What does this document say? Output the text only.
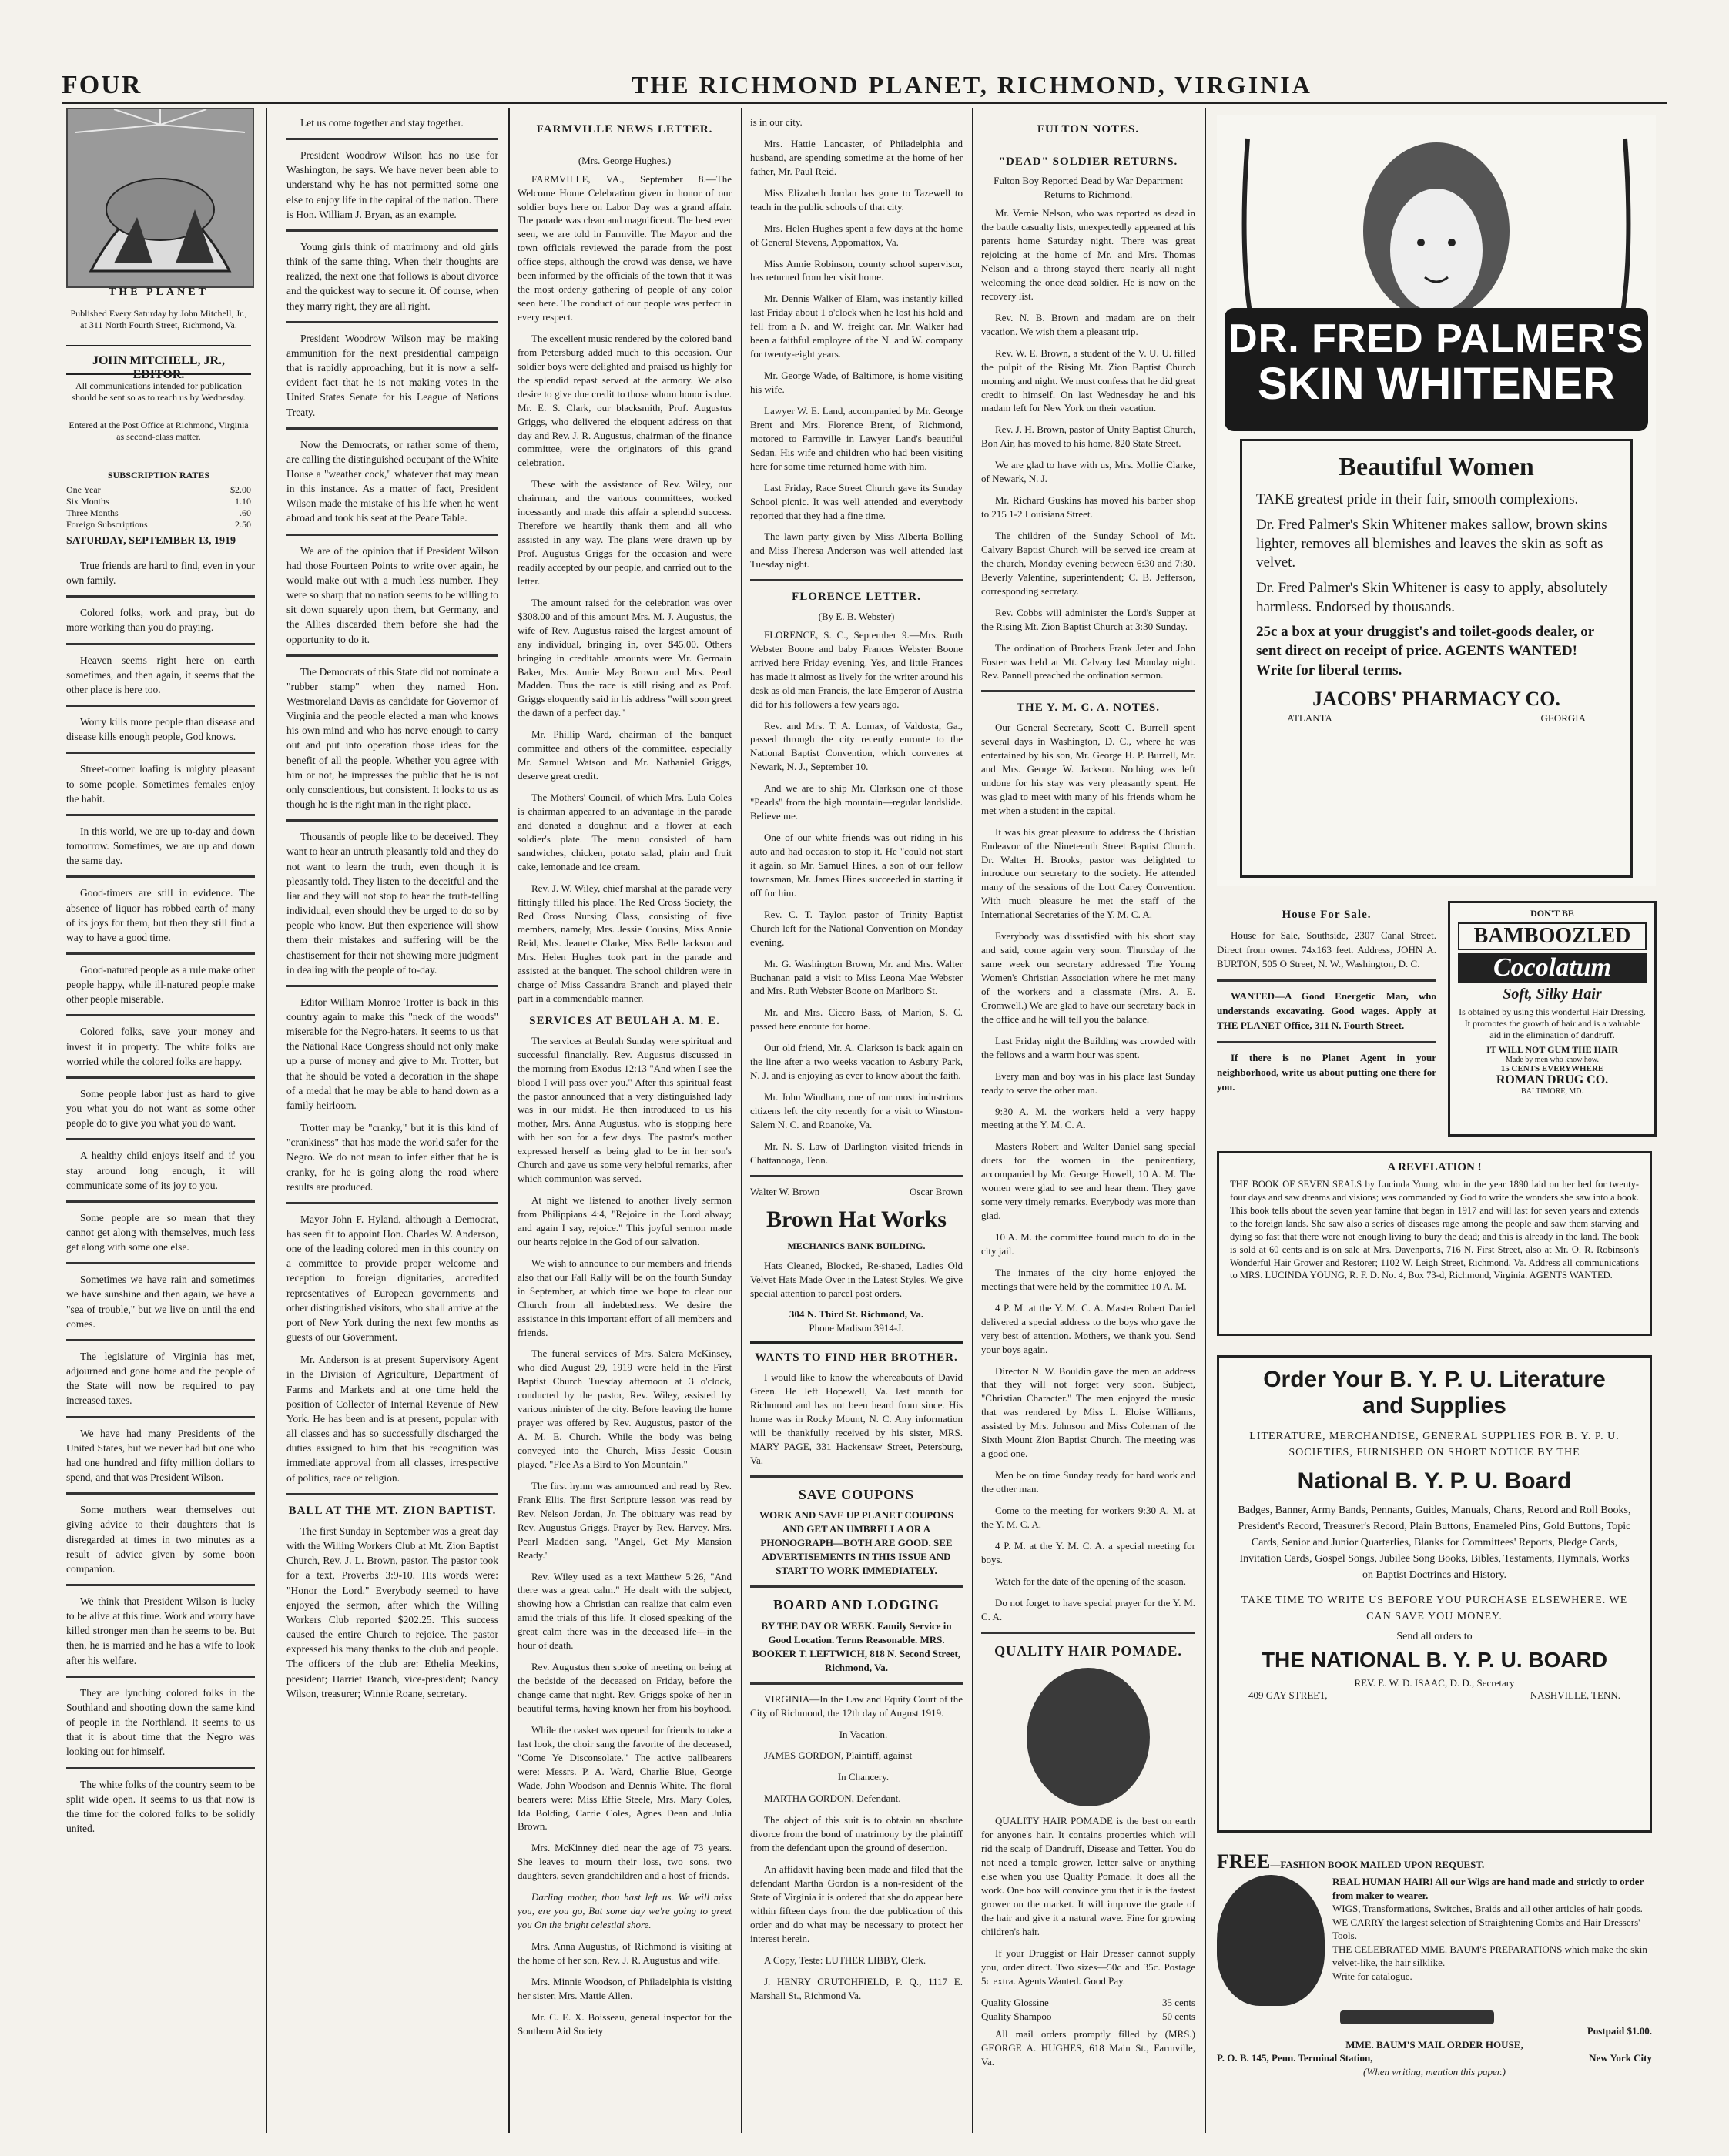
FOUR	THE RICHMOND PLANET, RICHMOND, VIRGINIA
THE PLANET
Published Every Saturday by John Mitchell, Jr., at 311 North Fourth Street, Richmond, Va.
JOHN MITCHELL, JR.,
All communications intended for publication should be sent so as to reach us by Wednesday.
Entered at the Post Office at Richmond, Virginia as second-class matter.
SUBSCRIPTION RATES
One Year	$2.00
Six Months	1.10
Three Months	.60
Foreign Subscriptions	2.50
SATURDAY, SEPTEMBER 13, 1919

True friends are hard to find, even in your own family.

Colored folks, work and pray, but do more working than you do praying.

Heaven seems right here on earth sometimes, and then again, it seems that the other place is here too.

Worry kills more people than disease and disease kills enough people, God knows.

Street-corner loafing is mighty pleasant to some people. Sometimes females enjoy the habit.

In this world, we are up to-day and down tomorrow. Sometimes, we are up and down the same day.

Good-timers are still in evidence. The absence of liquor has robbed earth of many of its joys for them, but then they still find a way to have a good time.

Good-natured people as a rule make other people happy, while ill-natured people make other people miserable.

Colored folks, save your money and invest it in property. The white folks are worried while the colored folks are happy.

Some people labor just as hard to give you what you do not want as some other people do to give you what you do want.

A healthy child enjoys itself and if you stay around long enough, it will communicate some of its joy to you.

Some people are so mean that they cannot get along with themselves, much less get along with some one else.

Sometimes we have rain and sometimes we have sunshine and then again, we have a "sea of trouble," but we live on until the end comes.

The legislature of Virginia has met, adjourned and gone home and the people of the State will now be required to pay increased taxes.

We have had many Presidents of the United States, but we never had but one who had one hundred and fifty million dollars to spend, and that was President Wilson.

Some mothers wear themselves out giving advice to their daughters that is disregarded at times in two minutes as a result of advice given by some boon companion.

We think that President Wilson is lucky to be alive at this time. Work and worry have killed stronger men than he seems to be. But then, he is married and he has a wife to look after his welfare.

They are lynching colored folks in the Southland and shooting down the same kind of people in the Northland. It seems to us that it is about time that the Negro was looking out for himself.

The white folks of the country seem to be split wide open. It seems to us that now is the time for the colored folks to be solidly united.

Let us come together and stay together.

President Woodrow Wilson has no use for Washington, he says. We have never been able to understand why he has not permitted some one else to enjoy life in the capital of the nation. There is Hon. William J. Bryan, as an example.

Young girls think of matrimony and old girls think of the same thing. When their thoughts are realized, the next one that follows is about divorce and the quickest way to secure it. Of course, when they marry right, they are all right.

President Woodrow Wilson may be making ammunition for the next presidential campaign that is rapidly approaching, but it is now a self-evident fact that he is not making votes in the United States Senate for his League of Nations Treaty.

Now the Democrats, or rather some of them, are calling the distinguished occupant of the White House a "weather cock," whatever that may mean in this instance. As a matter of fact, President Wilson made the mistake of his life when he went abroad and took his seat at the Peace Table.

We are of the opinion that if President Wilson had those Fourteen Points to write over again, he would make out with a much less number. They were so sharp that no nation seems to be willing to sit down squarely upon them, but Germany, and the Allies discarded them before she had the opportunity to do it.

The Democrats of this State did not nominate a "rubber stamp" when they named Hon. Westmoreland Davis as candidate for Governor of Virginia and the people elected a man who knows his own mind and who has nerve enough to carry out and put into operation those ideas for the benefit of all the people. Whether you agree with him or not, he impresses the public that he is not only conscientious, but consistent. It looks to us as though he is the right man in the right place.

Thousands of people like to be deceived. They want to hear an untruth pleasantly told and they do not want to learn the truth, even though it is pleasantly told. They listen to the deceitful and the liar and they will not stop to hear the truth-telling individual, even should they be urged to do so by people who know. But then experience will show them their mistakes and suffering will be the chastisement for their not showing more judgment in dealing with the people of to-day.

Editor William Monroe Trotter is back in this country again to make this "neck of the woods" miserable for the Negro-haters. It seems to us that the National Race Congress should not only make up a purse of money and give to Mr. Trotter, but that he should be voted a decoration in the shape of a medal that he may be able to hand down as a family heirloom.

Trotter may be "cranky," but it is this kind of "crankiness" that has made the world safer for the Negro. We do not mean to infer either that he is cranky, for he is going along the road where results are produced.

Mayor John F. Hyland, although a Democrat, has seen fit to appoint Hon. Charles W. Anderson, one of the leading colored men in this country on a committee to provide proper welcome and reception to foreign dignitaries, accredited representatives of European governments and other distinguished visitors, who shall arrive at the port of New York during the next few months as guests of our Government.

Mr. Anderson is at present Supervisory Agent in the Division of Agriculture, Department of Farms and Markets and at one time held the position of Collector of Internal Revenue of New York. He has been and is at present, popular with all classes and has so successfully discharged the duties assigned to him that his recognition was immediate approval from all classes, irrespective of politics, race or religion.

BALL AT THE MT. ZION BAPTIST.

The first Sunday in September was a great day with the Willing Workers Club at Mt. Zion Baptist Church, Rev. J. L. Brown, pastor. The pastor took for a text, Proverbs 3:9-10. His words were: "Honor the Lord." Everybody seemed to have enjoyed the sermon, after which the Willing Workers Club reported $202.25. This success caused the entire Church to rejoice. The pastor expressed his many thanks to the club and people. The officers of the club are: Ethelia Meekins, president; Harriet Branch, vice-president; Nancy Wilson, treasurer; Winnie Roane, secretary.

FARMVILLE NEWS LETTER.
(Mrs. George Hughes.)

FARMVILLE, VA., September 8.—The Welcome Home Celebration given in honor of our soldier boys here on Labor Day was a grand affair. The parade was clean and magnificent. The best ever seen, we are told in Farmville. The Mayor and the town officials reviewed the parade from the post office steps, although the crowd was dense, we have been informed by the officials of the town that it was the most orderly gathering of people of any color seen here. The conduct of our people was perfect in every respect.

The excellent music rendered by the colored band from Petersburg added much to this occasion. Our soldier boys were delighted and praised us highly for the splendid repast served at the armory. We also desire to give due credit to those whom honor is due. Mr. E. S. Clark, our blacksmith, Prof. Augustus Griggs, who delivered the eloquent address on that day and Rev. J. R. Augustus, chairman of the finance committee, were the originators of this grand celebration.

These with the assistance of Rev. Wiley, our chairman, and the various committees, worked incessantly and made this affair a splendid success. Therefore we heartily thank them and all who assisted in any way. The plans were drawn up by Prof. Augustus Griggs for the occasion and were readily accepted by our people, and carried out to the letter.

The amount raised for the celebration was over $308.00 and of this amount Mrs. M. J. Augustus, the wife of Rev. Augustus raised the largest amount of any individual, bringing in, over $45.00. Others bringing in creditable amounts were Mr. Germain Baker, Mrs. Annie May Brown and Mrs. Pearl Madden. Thus the race is still rising and as Prof. Griggs eloquently said in his address "will soon greet the dawn of a perfect day."

Mr. Phillip Ward, chairman of the banquet committee and others of the committee, especially Mr. Samuel Watson and Mr. Nathaniel Griggs, deserve great credit.

The Mothers' Council, of which Mrs. Lula Coles is chairman appeared to an advantage in the parade and donated a doughnut and a flower at each soldier's plate. The menu consisted of ham sandwiches, chicken, potato salad, plain and fruit cake, lemonade and ice cream.

Rev. J. W. Wiley, chief marshal at the parade very fittingly filled his place. The Red Cross Society, the Red Cross Nursing Class, consisting of five members, namely, Mrs. Jessie Cousins, Miss Annie Reid, Mrs. Jeanette Clarke, Miss Belle Jackson and Mrs. Helen Hughes took part in the parade and assisted at the banquet. The school children were in charge of Miss Cassandra Branch and played their part in a commendable manner.

SERVICES AT BEULAH A. M. E.

The services at Beulah Sunday were spiritual and successful financially. Rev. Augustus discussed in the morning from Exodus 12:13 "And when I see the blood I will pass over you." After this spiritual feast the pastor announced that a very distinguished lady was in our midst. He then introduced to us his mother, Mrs. Anna Augustus, who is stopping here with her son for a few days. The pastor's mother expressed herself as being glad to be in her son's Church and gave us some very helpful remarks, after which communion was served.

At night we listened to another lively sermon from Philippians 4:4, "Rejoice in the Lord alway; and again I say, rejoice." This joyful sermon made our hearts rejoice in the God of our salvation.

We wish to announce to our members and friends also that our Fall Rally will be on the fourth Sunday in September, at which time we hope to clear our Church from all indebtedness. We desire the assistance in this important effort of all members and friends.

The funeral services of Mrs. Salera McKinsey, who died August 29, 1919 were held in the First Baptist Church Tuesday afternoon at 3 o'clock, conducted by the pastor, Rev. Wiley, assisted by various minister of the city. Before leaving the home prayer was offered by Rev. Augustus, pastor of the A. M. E. Church. While the body was being conveyed into the Church, Miss Jessie Cousin played, "Flee As a Bird to Yon Mountain."

The first hymn was announced and read by Rev. Frank Ellis. The first Scripture lesson was read by Rev. Nelson Jordan, Jr. The obituary was read by Rev. Augustus Griggs. Prayer by Rev. Harvey. Mrs. Pearl Madden sang, "Angel, Get My Mansion Ready."

Rev. Wiley used as a text Matthew 5:26, "And there was a great calm." He dealt with the subject, showing how a Christian can realize that calm even amid the trials of this life. It closed speaking of the great calm there was in the deceased life—in the hour of death.

Rev. Augustus then spoke of meeting on being at the bedside of the deceased on Friday, before the change came that night. Rev. Griggs spoke of her in beautiful terms, having known her from his boyhood.

While the casket was opened for friends to take a last look, the choir sang the favorite of the deceased, "Come Ye Disconsolate." The active pallbearers were: Messrs. P. A. Ward, Charlie Blue, George Wade, John Woodson and Dennis White. The floral bearers were: Miss Effie Steele, Mrs. Mary Coles, Ida Bolding, Carrie Coles, Agnes Dean and Julia Brown.

Mrs. McKinney died near the age of 73 years. She leaves to mourn their loss, two sons, two daughters, seven grandchildren and a host of friends.

Darling mother, thou hast left us. We will miss you, ere you go, But some day we're going to greet you On the bright celestial shore.

Mrs. Anna Augustus, of Richmond is visiting at the home of her son, Rev. J. R. Augustus and wife.

Mrs. Minnie Woodson, of Philadelphia is visiting her sister, Mrs. Mattie Allen.

Mr. C. E. X. Boisseau, general inspector for the Southern Aid Society

is in our city.

Mrs. Hattie Lancaster, of Philadelphia and husband, are spending sometime at the home of her father, Mr. Paul Reid.

Miss Elizabeth Jordan has gone to Tazewell to teach in the public schools of that city.

Mrs. Helen Hughes spent a few days at the home of General Stevens, Appomattox, Va.

Miss Annie Robinson, county school supervisor, has returned from her visit home.

Mr. Dennis Walker of Elam, was instantly killed last Friday about 1 o'clock when he lost his hold and fell from a N. and W. freight car. Mr. Walker had been a faithful employee of the N. and W. company for twenty-eight years.

Mr. George Wade, of Baltimore, is home visiting his wife.

Lawyer W. E. Land, accompanied by Mr. George Brent and Mrs. Florence Brent, of Richmond, motored to Farmville in Lawyer Land's beautiful Sedan. His wife and children who had been visiting here for some time returned home with him.

Last Friday, Race Street Church gave its Sunday School picnic. It was well attended and everybody reported that they had a fine time.

The lawn party given by Miss Alberta Bolling and Miss Theresa Anderson was well attended last Tuesday night.

FLORENCE LETTER.
(By E. B. Webster)

FLORENCE, S. C., September 9.—Mrs. Ruth Webster Boone and baby Frances Webster Boone arrived here Friday evening. Yes, and little Frances has made it almost as lively for the writer around his desk as old man Francis, the late Emperor of Austria did for his followers a few years ago.

Rev. and Mrs. T. A. Lomax, of Valdosta, Ga., passed through the city recently enroute to the National Baptist Convention, which convenes at Newark, N. J., September 10.

And we are to ship Mr. Clarkson one of those "Pearls" from the high mountain—regular landslide. Believe me.

One of our white friends was out riding in his auto and had occasion to stop it. He "could not start it again, so Mr. Samuel Hines, a son of our fellow townsman, Mr. James Hines succeeded in starting it off for him.

Rev. C. T. Taylor, pastor of Trinity Baptist Church left for the National Convention on Monday evening.

Mr. G. Washington Brown, Mr. and Mrs. Walter Buchanan paid a visit to Miss Leona Mae Webster and Mrs. Ruth Webster Boone on Marlboro St.

Mr. and Mrs. Cicero Bass, of Marion, S. C. passed here enroute for home.

Our old friend, Mr. A. Clarkson is back again on the line after a two weeks vacation to Asbury Park, N. J. and is enjoying as ever to know about the faith.

Mr. John Windham, one of our most industrious citizens left the city recently for a visit to Winston-Salem N. C. and Roanoke, Va.

Mr. N. S. Law of Darlington visited friends in Chattanooga, Tenn.

Walter W. Brown	Oscar Brown
Brown Hat Works
MECHANICS BANK BUILDING.

Hats Cleaned, Blocked, Re-shaped, Ladies Old Velvet Hats Made Over in the Latest Styles. We give special attention to parcel post orders.

304 N. Third St. Richmond, Va.
Phone Madison 3914-J.
WANTS TO FIND HER BROTHER.

I would like to know the whereabouts of David Green. He left Hopewell, Va. last month for Richmond and has not been heard from since. His home was in Rocky Mount, N. C. Any information will be thankfully received by his sister, MRS. MARY PAGE, 331 Hackensaw Street, Petersburg, Va.

SAVE COUPONS

WORK AND SAVE UP PLANET COUPONS AND GET AN UMBRELLA OR A PHONOGRAPH—BOTH ARE GOOD. SEE ADVERTISEMENTS IN THIS ISSUE AND START TO WORK IMMEDIATELY.

BOARD AND LODGING

BY THE DAY OR WEEK. Family Service in Good Location. Terms Reasonable. MRS. BOOKER T. LEFTWICH, 818 N. Second Street, Richmond, Va.

VIRGINIA—In the Law and Equity Court of the City of Richmond, the 12th day of August 1919.

In Vacation.

JAMES GORDON, Plaintiff, against

In Chancery.

MARTHA GORDON, Defendant.

The object of this suit is to obtain an absolute divorce from the bond of matrimony by the plaintiff from the defendant upon the ground of desertion.

An affidavit having been made and filed that the defendant Martha Gordon is a non-resident of the State of Virginia it is ordered that she do appear here within fifteen days from the due publication of this order and do what may be necessary to protect her interest herein.

A Copy, Teste: LUTHER LIBBY, Clerk.

J. HENRY CRUTCHFIELD, P. Q., 1117 E. Marshall St., Richmond Va.

FULTON NOTES.
"DEAD" SOLDIER RETURNS.
Fulton Boy Reported Dead by War Department Returns to Richmond.

Mr. Vernie Nelson, who was reported as dead in the battle casualty lists, unexpectedly appeared at his parents home Saturday night. There was great rejoicing at the home of Mr. and Mrs. Thomas Nelson and a throng stayed there nearly all night welcoming the once dead soldier. He is now on the recovery list.

Rev. N. B. Brown and madam are on their vacation. We wish them a pleasant trip.

Rev. W. E. Brown, a student of the V. U. U. filled the pulpit of the Rising Mt. Zion Baptist Church morning and night. We must confess that he did great credit to himself. On last Wednesday he and his madam left for New York on their vacation.

Rev. J. H. Brown, pastor of Unity Baptist Church, Bon Air, has moved to his home, 820 State Street.

We are glad to have with us, Mrs. Mollie Clarke, of Newark, N. J.

Mr. Richard Guskins has moved his barber shop to 215 1-2 Louisiana Street.

The children of the Sunday School of Mt. Calvary Baptist Church will be served ice cream at the church, Monday evening between 6:30 and 7:30. Beverly Valentine, superintendent; C. B. Jefferson, corresponding secretary.

Rev. Cobbs will administer the Lord's Supper at the Rising Mt. Zion Baptist Church at 3:30 Sunday.

The ordination of Brothers Frank Jeter and John Foster was held at Mt. Calvary last Monday night. Rev. Pannell preached the ordination sermon.

THE Y. M. C. A. NOTES.

Our General Secretary, Scott C. Burrell spent several days in Washington, D. C., where he was entertained by his son, Mr. George H. P. Burrell, Mr. and Mrs. George W. Jackson. Nothing was left undone for his stay was very pleasantly spent. He was glad to meet with many of his friends whom he met when a student in the capital.

It was his great pleasure to address the Christian Endeavor of the Nineteenth Street Baptist Church. Dr. Walter H. Brooks, pastor was delighted to introduce our secretary to the society. He attended many of the sessions of the Lott Carey Convention. With much pleasure he met the staff of the International Secretaries of the Y. M. C. A.

Everybody was dissatisfied with his short stay and said, come again very soon. Thursday of the same week our secretary addressed The Young Women's Christian Association where he met many of the workers and a classmate (Mrs. A. E. Cromwell.) We are glad to have our secretary back in the office and he will tell you the balance.

Last Friday night the Building was crowded with the fellows and a warm hour was spent.

Every man and boy was in his place last Sunday ready to serve the other man.

9:30 A. M. the workers held a very happy meeting at the Y. M. C. A.

Masters Robert and Walter Daniel sang special duets for the women in the penitentiary, accompanied by Mr. George Howell, 10 A. M. The women were glad to see and hear them. They gave some very timely remarks. Everybody was more than glad.

10 A. M. the committee found much to do in the city jail.

The inmates of the city home enjoyed the meetings that were held by the committee 10 A. M.

4 P. M. at the Y. M. C. A. Master Robert Daniel delivered a special address to the boys who gave the very best of attention. Mothers, we thank you. Send your boys again.

Director N. W. Bouldin gave the men an address that they will not forget very soon. Subject, "Christian Character." The men enjoyed the music that was rendered by Miss L. Eloise Williams, assisted by Mrs. Johnson and Miss Coleman of the Sixth Mount Zion Baptist Church. The meeting was a good one.

Men be on time Sunday ready for hard work and the other man.

Come to the meeting for workers 9:30 A. M. at the Y. M. C. A.

4 P. M. at the Y. M. C. A. a special meeting for boys.

Watch for the date of the opening of the season.

Do not forget to have special prayer for the Y. M. C. A.

QUALITY HAIR POMADE.

QUALITY HAIR POMADE is the best on earth for anyone's hair. It contains properties which will rid the scalp of Dandruff, Disease and Tetter. You do not need a temple grower, letter salve or anything else when you use Quality Pomade. It does all the work. One box will convince you that it is the fastest grower on the market. It will improve the grade of the hair and give it a natural wave. Fine for growing children's hair.

If your Druggist or Hair Dresser cannot supply you, order direct. Two sizes—50c and 35c. Postage 5c extra. Agents Wanted. Good Pay.

Quality Glossine	35 cents
Quality Shampoo	50 cents

All mail orders promptly filled by (MRS.) GEORGE A. HUGHES, 618 Main St., Farmville, Va.

DR. FRED PALMER'S
SKIN WHITENER
Beautiful Women

TAKE greatest pride in their fair, smooth complexions.

Dr. Fred Palmer's Skin Whitener makes sallow, brown skins lighter, removes all blemishes and leaves the skin as soft as velvet.

Dr. Fred Palmer's Skin Whitener is easy to apply, absolutely harmless. Endorsed by thousands.

25c a box at your druggist's and toilet-goods dealer, or sent direct on receipt of price. AGENTS WANTED! Write for liberal terms.

JACOBS' PHARMACY CO.
ATLANTA	GEORGIA
House For Sale.

House for Sale, Southside, 2307 Canal Street. Direct from owner. 74x163 feet. Address, JOHN A. BURTON, 505 O Street, N. W., Washington, D. C.

WANTED—A Good Energetic Man, who understands excavating. Good wages. Apply at THE PLANET Office, 311 N. Fourth Street.

If there is no Planet Agent in your neighborhood, write us about putting one there for you.

DON'T BE
BAMBOOZLED
Cocolatum
Soft, Silky Hair
Is obtained by using this wonderful Hair Dressing. It promotes the growth of hair and is a valuable aid in the elimination of dandruff.
IT WILL NOT GUM THE HAIR
Made by men who know how.
15 CENTS EVERYWHERE
ROMAN DRUG CO.
BALTIMORE, MD.
A REVELATION !
THE BOOK OF SEVEN SEALS by Lucinda Young, who in the year 1890 laid on her bed for twenty-four days and saw dreams and visions; was commanded by God to write the wonders she saw into a book. This book tells about the seven year famine that began in 1917 and will last for seven years and extends to the foreign lands. She saw also a series of diseases rage among the people and saw them starving and dying so fast that there were not enough living to bury the dead; and this is already in the land. The book is sold at 60 cents and is on sale at Mrs. Davenport's, 716 N. First Street, also at Mr. O. R. Robinson's Wonderful Hair Grower and Restorer; 1102 W. Leigh Street, Richmond, Va. Address all communications to MRS. LUCINDA YOUNG, R. F. D. No. 4, Box 73-d, Richmond, Virginia. AGENTS WANTED.
Order Your B. Y. P. U. Literature
and Supplies
LITERATURE, MERCHANDISE, GENERAL SUPPLIES FOR B. Y. P. U. SOCIETIES, FURNISHED ON SHORT NOTICE BY THE
National B. Y. P. U. Board
Badges, Banner, Army Bands, Pennants, Guides, Manuals, Charts, Record and Roll Books, President's Record, Treasurer's Record, Plain Buttons, Enameled Pins, Gold Buttons, Topic Cards, Senior and Junior Quarterlies, Blanks for Committees' Reports, Pledge Cards, Invitation Cards, Gospel Songs, Jubilee Song Books, Bibles, Testaments, Hymnals, Works on Baptist Doctrines and History.
TAKE TIME TO WRITE US BEFORE YOU PURCHASE ELSEWHERE. WE CAN SAVE YOU MONEY.
Send all orders to
THE NATIONAL B. Y. P. U. BOARD
REV. E. W. D. ISAAC, D. D., Secretary
409 GAY STREET,	NASHVILLE, TENN.
FREE —FASHION BOOK MAILED UPON REQUEST.
REAL HUMAN HAIR! All our Wigs are hand made and strictly to order from maker to wearer.
WIGS, Transformations, Switches, Braids and all other articles of hair goods.
WE CARRY the largest selection of Straightening Combs and Hair Dressers' Tools.
THE CELEBRATED MME. BAUM'S PREPARATIONS which make the skin velvet-like, the hair silklike.
Write for catalogue.
Postpaid $1.00.
MME. BAUM'S MAIL ORDER HOUSE,
P. O. B. 145, Penn. Terminal Station,	New York City
(When writing, mention this paper.)
